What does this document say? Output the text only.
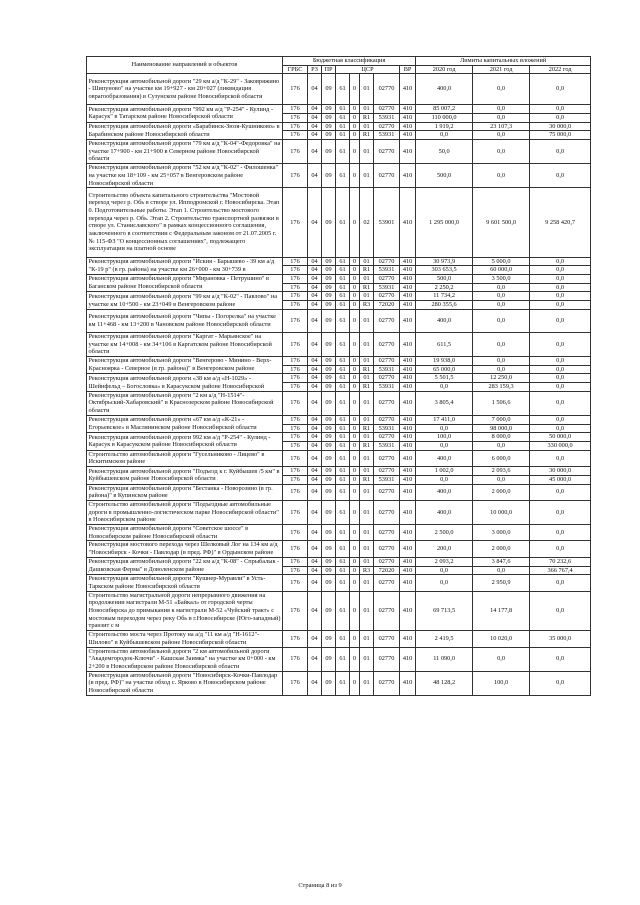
Наименование направлений и объектов	Бюджетная классификация								Лимиты капитальных вложений		
	ГРБС	РЗ	ПР	ЦСР				ВР	2020 год	2021 год	2022 год
Реконструкция автомобильной дороги "29 км а/д "К-29" - Заковряжино - Шипуново" на участке км 19+927 - км 20+027 (ликвидация оврагообразования) в Сузунском районе Новосибирской области	176	04	09	61	0	01	02770	410	400,0	0,0	0,0
Реконструкция автомобильной дороги "992 км а/д "Р-254" - Кулинд - Карасук" в Татарском районе Новосибирской области	176	04	09	61	0	01	02770	410	85 007,2	0,0	0,0
	176	04	09	61	0	R1	53931	410	110 000,0	0,0	0,0
Реконструкция автомобильной дороги «Барабинск-Зюзя-Кушниково» в Барабинском районе Новосибирской области	176	04	09	61	0	01	02770	410	1 919,2	23 107,3	30 000,0
	176	04	09	61	0	R1	53931	410	0,0	0,0	75 000,0
Реконструкция автомобильной дороги "79 км а/д "К-04"-Федоровка" на участке 17+900 - км 21+900 в Северном районе Новосибирской области	176	04	09	61	0	01	02770	410	50,0	0,0	0,0
Реконструкция автомобильной дороги "52 км а/д "К-02" - Филошенка" на участке км 18+109 - км 25+057 в Венгеровском районе Новосибирской области	176	04	09	61	0	01	02770	410	500,0	0,0	0,0
Строительство объекта капитального строительства "Мостовой переход через р. Обь в створе ул. Ипподромской г. Новосибирска. Этап 0. Подготовительные работы. Этап 1. Строительство мостового перехода через р. Обь. Этап 2. Строительство транспортной развязки в створе ул. Станиславского" в рамках концессионного соглашения, заключенного в соответствии с Федеральным законом от 21.07.2005 г. № 115-ФЗ "О концессионных соглашениях", подлежащего эксплуатации на платной основе	176	04	09	61	0	02	53901	410	1 295 000,0	9 601 500,0	9 258 420,7
Реконструкция автомобильной дороги "Иския - Барышево - 39 км а/д "К-19 р" (в гр. района) на участке км 26+000 - км 30+739 в	176	04	09	61	0	01	02770	410	30 973,9	5 000,0	0,0
	176	04	09	61	0	R1	53931	410	303 653,5	60 000,0	0,0
Реконструкция автомобильной дороги "Мирановка - Петрушино" в Баганском районе Новосибирской области	176	04	09	61	0	01	02770	410	500,0	3 500,0	0,0
	176	04	09	61	0	R1	53931	410	2 250,2	0,0	0,0
Реконструкция автомобильной дороги "99 км а/д "К-02" - Павлово" на участке км 10+500 - км 23+049 в Венгеровском районе	176	04	09	61	0	01	02770	410	11 734,2	0,0	0,0
	176	04	09	61	0	R3	72020	410	280 355,6	0,0	0,0
Реконструкция автомобильной дороги "Чипы - Погорелка" на участке км 11+468 - км 13+200 в Чановском районе Новосибирской области	176	04	09	61	0	01	02770	410	400,0	0,0	0,0
Реконструкция автомобильной дороги "Каргат - Марьянское" на участке км 14+008 - км 34+106 в Каргатском районе Новосибирской области	176	04	09	61	0	01	02770	410	611,5	0,0	0,0
Реконструкция автомобильной дороги "Венгерово - Минино - Верх-Красноярка - Северное (в гр. района)" в Венгеровском районе	176	04	09	61	0	01	02770	410	19 938,0	0,0	0,0
	176	04	09	61	0	R1	53931	410	65 000,0	0,0	0,0
Реконструкция автомобильной дороги «38 км а/д «Н-1029» - Шейнфельд – Богословка» в Карасукском районе Новосибирской	176	04	09	61	0	01	02770	410	5 501,5	12 250,0	0,0
	176	04	09	61	0	R1	53931	410	0,0	283 159,3	0,0
Реконструкция автомобильной дороги "2 км а/д "Н-1514"-Октябрьский-Хабаровский" в Краснозерском районе Новосибирской области	176	04	09	61	0	01	02770	410	3 805,4	1 506,6	0,0
Реконструкция автомобильной дороги «67 км а/д «К-21» - Егорьевское» в Маслянинском районе Новосибирской области	176	04	09	61	0	01	02770	410	17 411,0	7 000,0	0,0
	176	04	09	61	0	R1	53931	410	0,0	98 000,0	0,0
Реконструкция автомобильной дороги 992 км а/д "Р-254" - Кулинд - Карасук в Карасукском районе Новосибирской области	176	04	09	61	0	01	02770	410	100,0	8 000,0	50 000,0
	176	04	09	61	0	R1	53931	410	0,0	0,0	330 000,0
Строительство автомобильной дороги "Гусельниково - Лицево" в Искитимском районе	176	04	09	61	0	01	02770	410	400,0	6 000,0	0,0
Реконструкция автомобильной дороги "Подъезд к г. Куйбышев /5 км" в Куйбышевском районе Новосибирской области	176	04	09	61	0	01	02770	410	1 002,0	2 093,6	30 000,0
	176	04	09	61	0	R1	53931	410	0,0	0,0	45 000,0
Реконструкция автомобильной дороги "Бестанка - Новорозино (в гр. района)" в Купинском районе	176	04	09	61	0	01	02770	410	400,0	2 000,0	0,0
Строительство автомобильной дороги "Подъездные автомобильные дороги в промышленно-логистическом парке Новосибирской области" в Новосибирском районе	176	04	09	61	0	01	02770	410	400,0	10 000,0	0,0
Реконструкция автомобильной дороги "Советское шоссе" в Новосибирском районе Новосибирской области	176	04	09	61	0	01	02770	410	2 500,0	3 000,0	0,0
Реконструкция мостового перехода через Шелковый Лог на 134 км а/д "Новосибирск - Кочки - Павлодар (в пред. РФ)" в Ордынском районе	176	04	09	61	0	01	02770	410	200,0	2 000,0	0,0
Реконструкция автомобильной дороги "22 км а/д "К-08" - Спрыбалык - Дашковская Ферма" в Доволенском районе	176	04	09	61	0	01	02770	410	2 093,2	3 847,6	70 232,6
	176	04	09	61	0	R3	72020	410	0,0	0,0	366 767,4
Реконструкция автомобильной дороги "Кушнер-Муравли" в Усть-Таркском районе Новосибирской области	176	04	09	61	0	01	02770	410	0,0	2 950,9	0,0
Строительство магистральной дороги непрерывного движения на продолжении магистрали М-51 «Байкал» от городской черты Новосибирска до примыкания к магистрали М-52 «Чуйский тракт» с мостовым переходом через реку Обь в г.Новосибирске (Юго-западный) транзит с м	176	04	09	61	0	01	02770	410	69 713,5	14 177,8	0,0
Строительство моста через Протоку на а/д "11 км а/д "Н-1612"-Шилово" в Куйбышевском районе Новосибирской области	176	04	09	61	0	01	02770	410	2 419,5	10 020,0	35 000,0
Строительство автомобильной дороги "2 км автомобильной дороги "Академгородок-Ключи" - Кашская Заимка" на участке км 0+000 - км 2+200 в Новосибирском районе Новосибирской области	176	04	09	61	0	01	02770	410	11 090,0	0,0	0,0
Реконструкция автомобильной дороги "Новосибирск-Кочки-Павлодар (в пред. РФ)" на участке обход с. Ярково в Новосибирском районе Новосибирской области	176	04	09	61	0	01	02770	410	48 128,2	100,0	0,0
Страница 8 из 9
